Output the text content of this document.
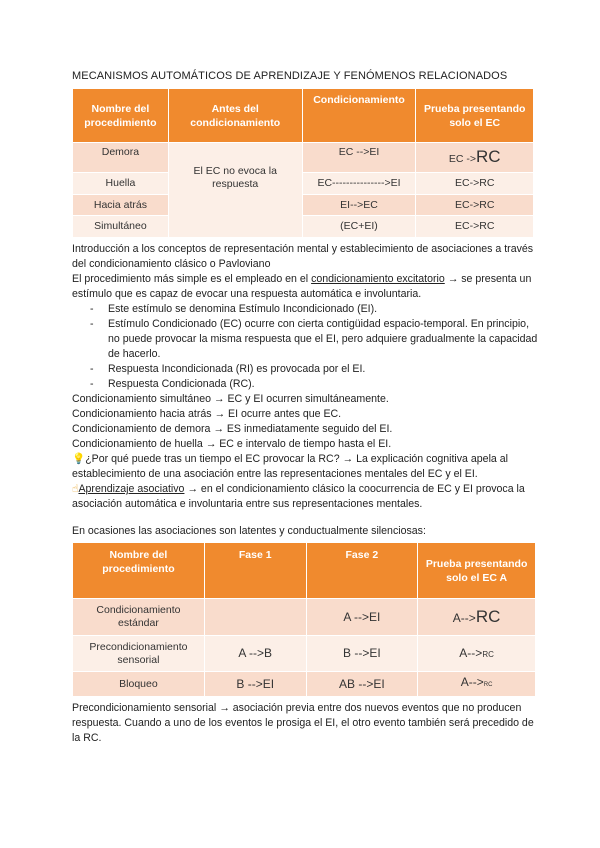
MECANISMOS AUTOMÁTICOS DE APRENDIZAJE Y FENÓMENOS RELACIONADOS
Nombre del procedimiento	Antes del condicionamiento	Condicionamiento	Prueba presentando solo el EC
Demora	El EC no evoca la respuesta	EC -->EI	EC ->RC
Huella		EC--------------->EI	EC->RC
Hacia atrás		EI-->EC	EC->RC
Simultáneo		(EC+EI)	EC->RC

Introducción a los conceptos de representación mental y establecimiento de asociaciones a través del condicionamiento clásico o Pavloviano

El procedimiento más simple es el empleado en el condicionamiento excitatorio → se presenta un estímulo que es capaz de evocar una respuesta automática e involuntaria.

- Este estímulo se denomina Estímulo Incondicionado (EI).

- Estímulo Condicionado (EC) ocurre con cierta contigüidad espacio-temporal. En principio, no puede provocar la misma respuesta que el EI, pero adquiere gradualmente la capacidad de hacerlo.

- Respuesta Incondicionada (RI) es provocada por el EI.

- Respuesta Condicionada (RC).

Condicionamiento simultáneo → EC y EI ocurren simultáneamente.

Condicionamiento hacia atrás → EI ocurre antes que EC.

Condicionamiento de demora → ES inmediatamente seguido del EI.

Condicionamiento de huella → EC e intervalo de tiempo hasta el EI.

💡¿Por qué puede tras un tiempo el EC provocar la RC? → La explicación cognitiva apela al establecimiento de una asociación entre las representaciones mentales del EC y el EI.

☝Aprendizaje asociativo → en el condicionamiento clásico la coocurrencia de EC y EI provoca la asociación automática e involuntaria entre sus representaciones mentales.

En ocasiones las asociaciones son latentes y conductualmente silenciosas:

Nombre del procedimiento	Fase 1	Fase 2	Prueba presentando solo el EC A
Condicionamiento estándar		A -->EI	A-->RC
Precondicionamiento sensorial	A -->B	B -->EI	A-->RC
Bloqueo	B -->EI	AB -->EI	A-->RC
Precondicionamiento sensorial → asociación previa entre dos nuevos eventos que no producen respuesta. Cuando a uno de los eventos le prosiga el EI, el otro evento también será precedido de la RC.
